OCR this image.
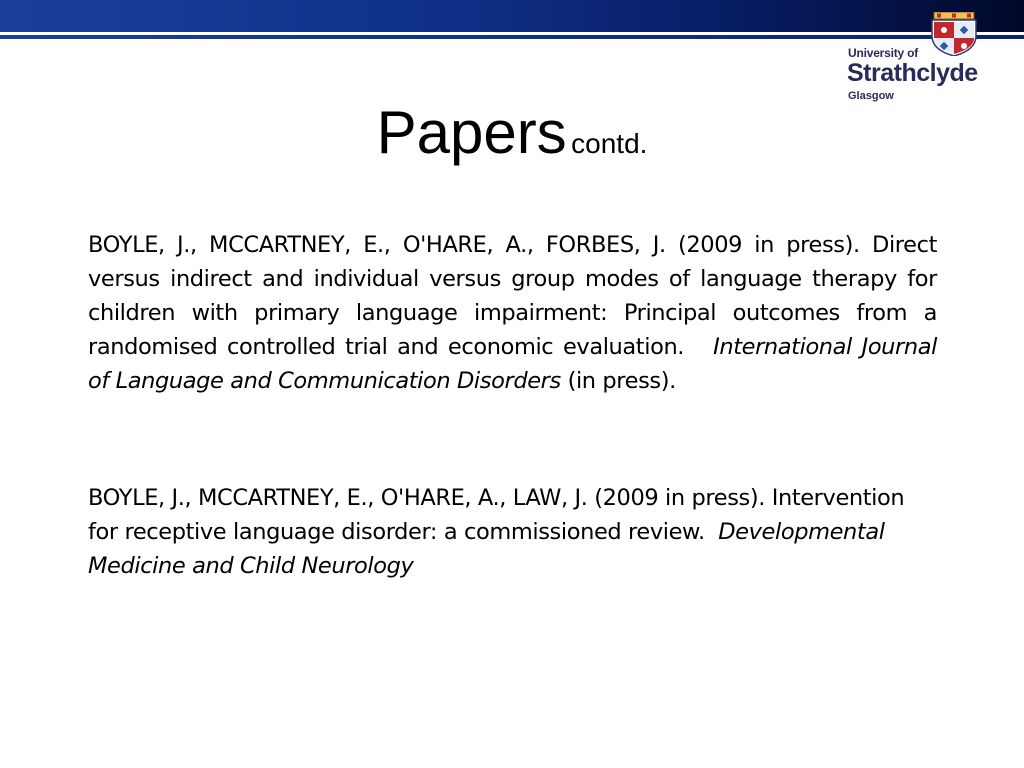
University of
Strathclyde
Glasgow
Papers contd.
BOYLE, J., MCCARTNEY, E., O'HARE, A., FORBES, J. (2009 in press). Direct versus indirect and individual versus group modes of language therapy for children with primary language impairment: Principal outcomes from a randomised controlled trial and economic evaluation. International Journal of Language and Communication Disorders (in press).
BOYLE, J., MCCARTNEY, E., O'HARE, A., LAW, J. (2009 in press). Intervention for receptive language disorder: a commissioned review. Developmental Medicine and Child Neurology
